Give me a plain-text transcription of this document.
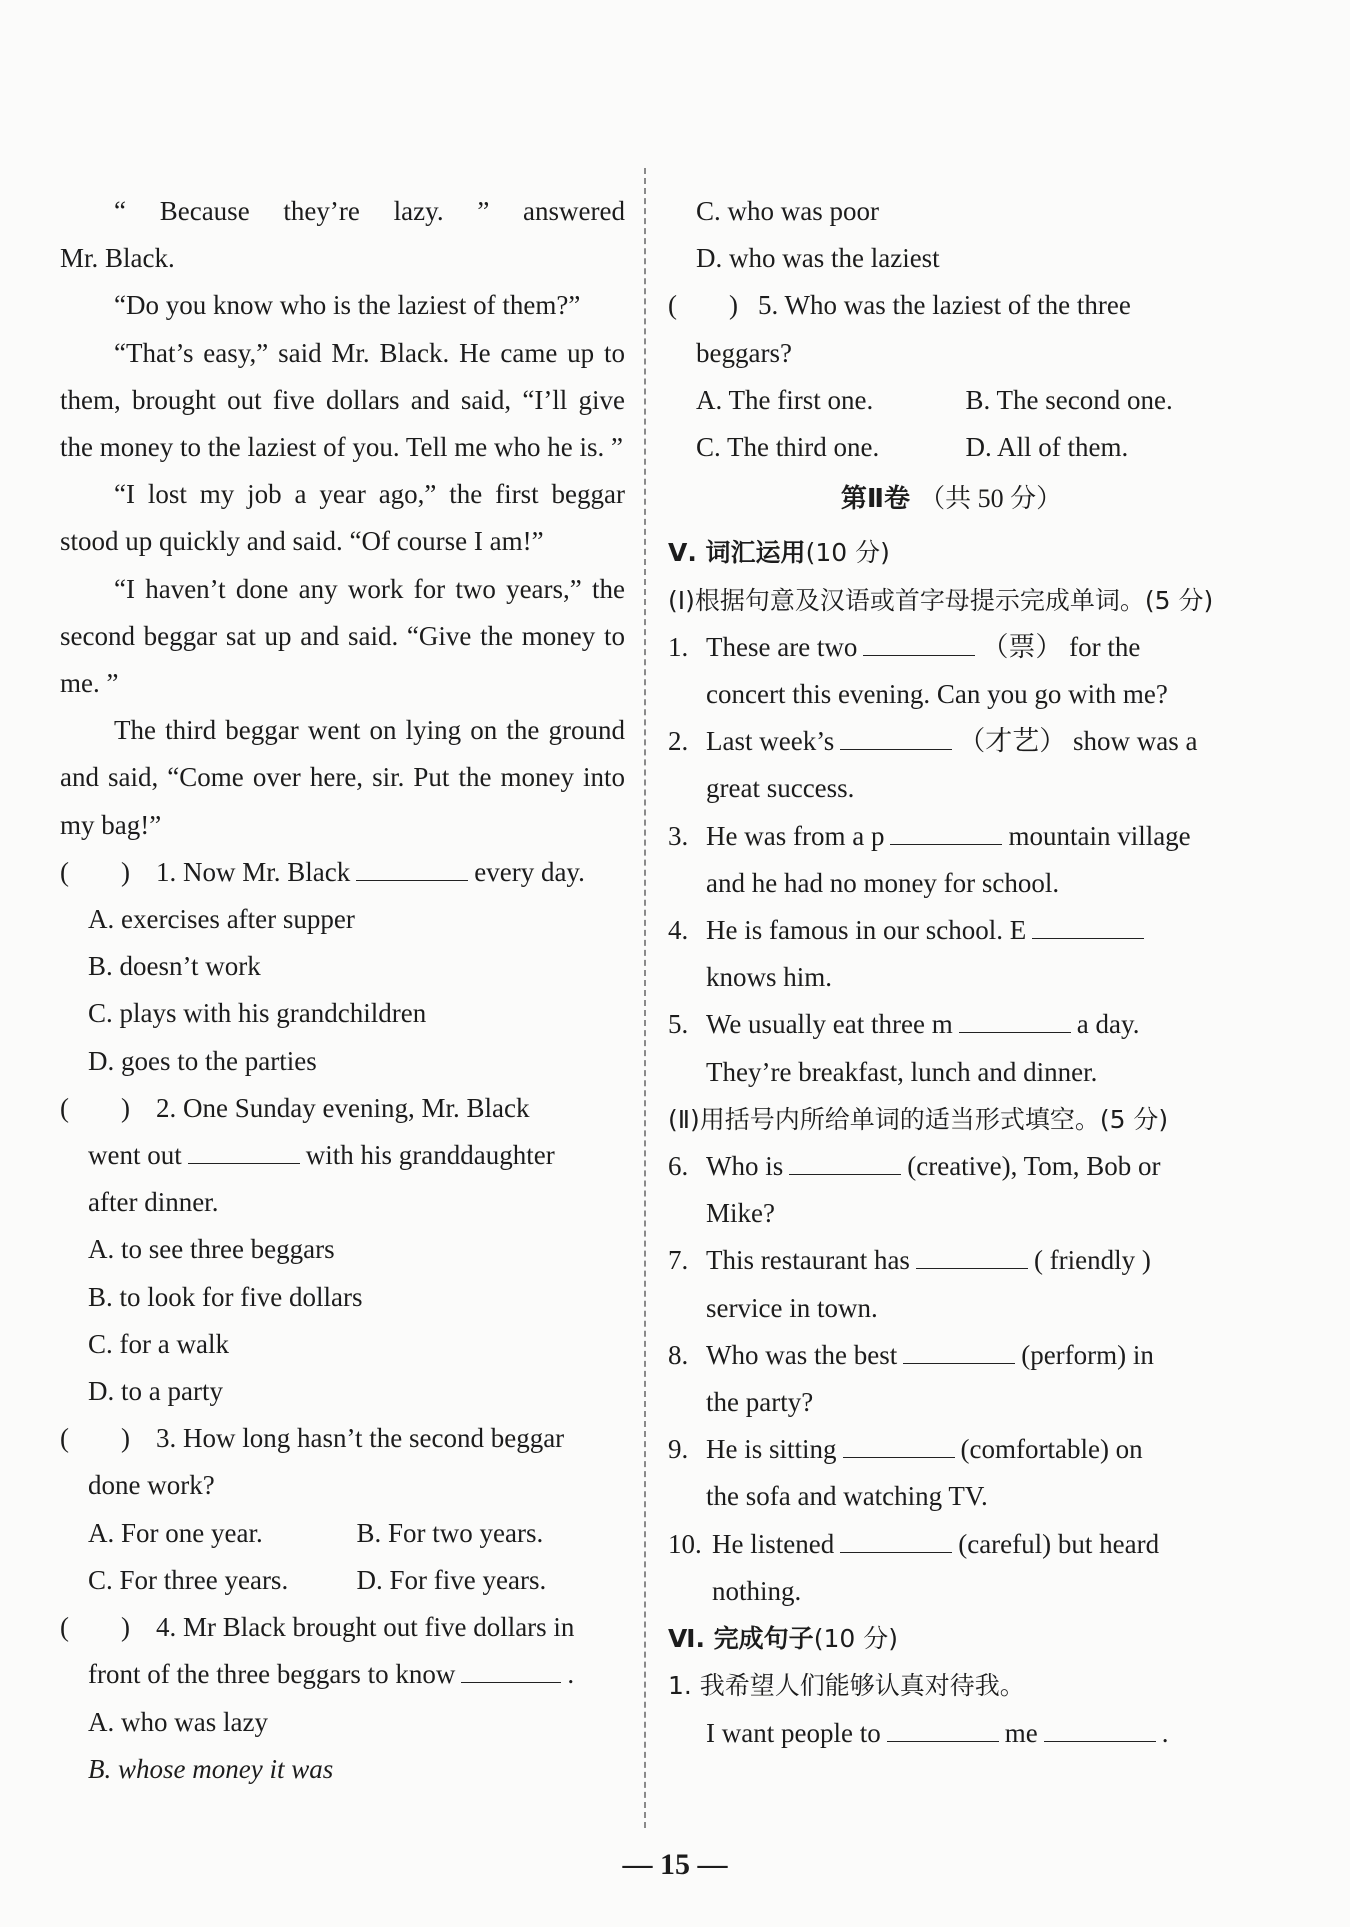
“ Because they’re lazy. ” answered

Mr. Black.

“Do you know who is the laziest of them?”

“That’s easy,” said Mr. Black. He came up to them, brought out five dollars and said, “I’ll give the money to the laziest of you. Tell me who he is. ”

“I lost my job a year ago,” the first beggar stood up quickly and said. “Of course I am!”

“I haven’t done any work for two years,” the second beggar sat up and said. “Give the money to me. ”

The third beggar went on lying on the ground and said, “Come over here, sir. Put the money into my bag!”

( ) 1. Now Mr. Black	every day.

A. exercises after supper

B. doesn’t work

C. plays with his grandchildren

D. goes to the parties

( ) 2. One Sunday evening, Mr. Black

went out	with his granddaughter

after dinner.

A. to see three beggars

B. to look for five dollars

C. for a walk

D. to a party

( ) 3. How long hasn’t the second beggar

done work?

A. For one year.	B. For two years.

C. For three years.	D. For five years.

( ) 4. Mr Black brought out five dollars in

front of the three beggars to know	.

A. who was lazy

B. whose money it was

C. who was poor

D. who was the laziest

( ) 5. Who was the laziest of the three

beggars?

A. The first one.	B. The second one.

C. The third one.	D. All of them.

第Ⅱ卷 （共 50 分）

Ⅴ. 词汇运用(10 分)

(Ⅰ)根据句意及汉语或首字母提示完成单词。(5 分)

1. These are two	（票） for the
concert this evening. Can you go with me?
2. Last week’s	（才艺） show was a
great success.
3. He was from a p	mountain village
and he had no money for school.
4. He is famous in our school. E
knows him.
5. We usually eat three m	a day.
They’re breakfast, lunch and dinner.

(Ⅱ)用括号内所给单词的适当形式填空。(5 分)

6. Who is	(creative), Tom, Bob or
Mike?
7. This restaurant has	( friendly )
service in town.
8. Who was the best	(perform) in
the party?
9. He is sitting	(comfortable) on
the sofa and watching TV.
10. He listened	(careful) but heard
nothing.

Ⅵ. 完成句子(10 分)

1. 我希望人们能够认真对待我。

I want people to	me	.

— 15 —
